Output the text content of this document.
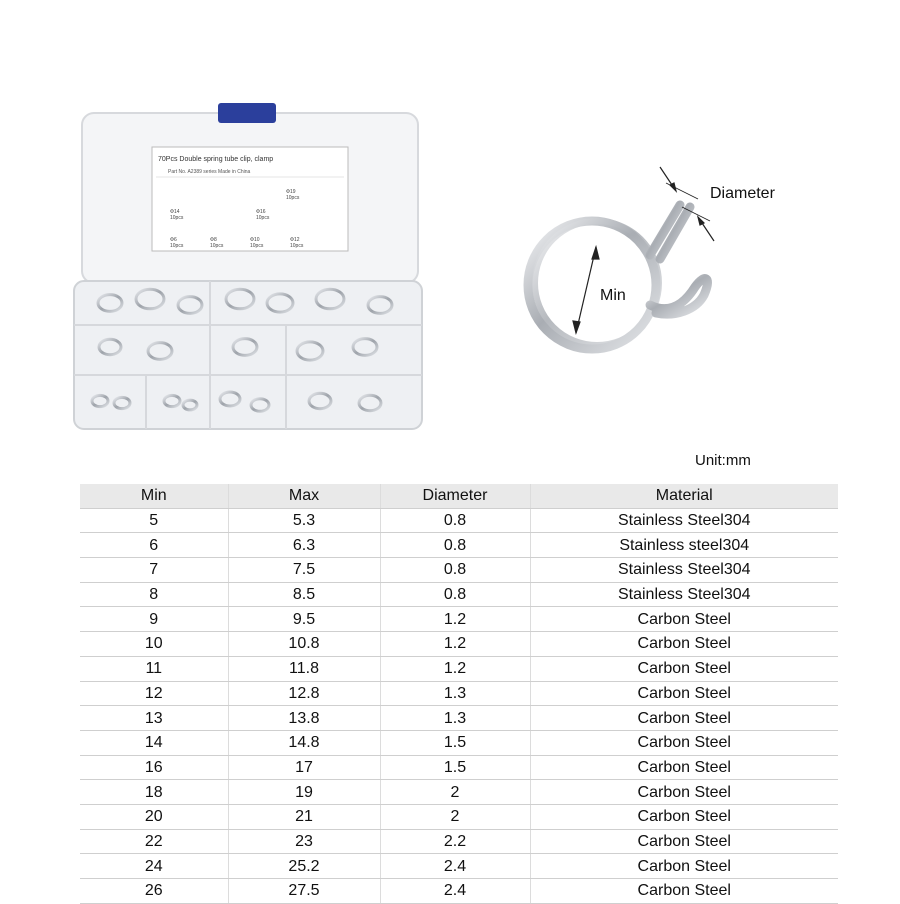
70Pcs Double spring tube clip, clamp
Part No. A2389 series Made in China
Φ19
10pcs
Φ14
10pcs
Φ16
10pcs
Φ6
10pcs
Φ8
10pcs
Φ10
10pcs
Φ12
10pcs
Diameter
Min
Unit:mm
Min	Max	Diameter	Material
5	5.3	0.8	Stainless Steel304
6	6.3	0.8	Stainless steel304
7	7.5	0.8	Stainless Steel304
8	8.5	0.8	Stainless Steel304
9	9.5	1.2	Carbon Steel
10	10.8	1.2	Carbon Steel
11	11.8	1.2	Carbon Steel
12	12.8	1.3	Carbon Steel
13	13.8	1.3	Carbon Steel
14	14.8	1.5	Carbon Steel
16	17	1.5	Carbon Steel
18	19	2	Carbon Steel
20	21	2	Carbon Steel
22	23	2.2	Carbon Steel
24	25.2	2.4	Carbon Steel
26	27.5	2.4	Carbon Steel
